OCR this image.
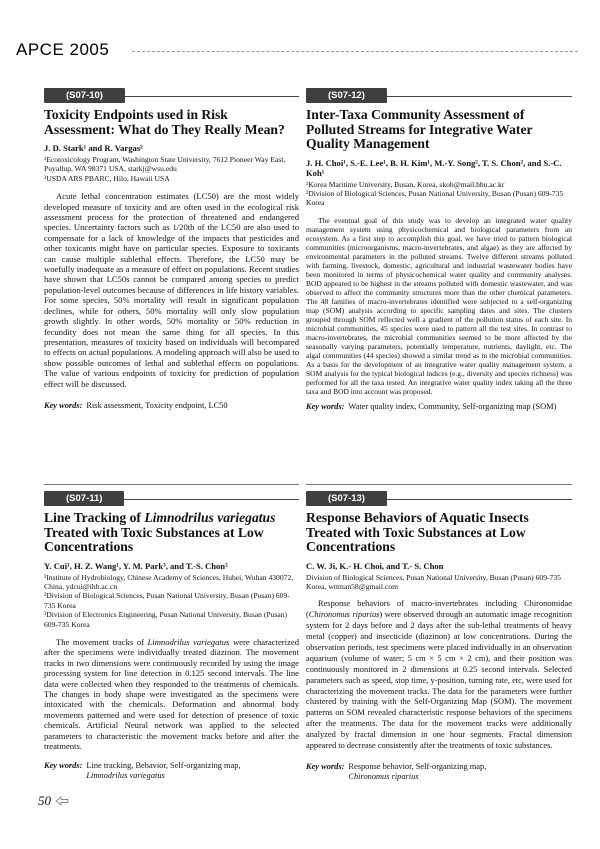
APCE 2005
(S07-10)
Toxicity Endpoints used in Risk Assessment: What do They Really Mean?
J. D. Stark¹ and R. Vargas²
¹Ecotoxicology Program, Washington State University, 7612 Pioneer Way East, Puyallup, WA 98371 USA, starkj@wsu.edu
²USDA ARS PBARC, Hilo, Hawaii USA

Acute lethal concentration estimates (LC50) are the most widely developed measure of toxicity and are often used in the ecological risk assessment process for the protection of threatened and endangered species. Uncertainty factors such as 1/20th of the LC50 are also used to compensate for a lack of knowledge of the impacts that pesticides and other toxicants might have on particular species. Exposure to toxicants can cause multiple sublethal effects. Therefore, the LC50 may be woefully inadequate as a measure of effect on populations. Recent studies have shown that LC50s cannot be compared among species to predict population-level outcomes because of differences in life history variables. For some species, 50% mortality will result in significant population declines, while for others, 50% mortality will only slow population growth slightly. In other words, 50% mortality or 50% reduction in fecundity does not mean the same thing for all species. In this presentation, measures of toxicity based on individuals will becompared to effects on actual populations. A modeling approach will also be used to show possible outcomes of lethal and sublethal effects on populations. The value of various endpoints of toxicity for prediction of population effect will be discussed.

Key words: Risk assessment, Toxicity endpoint, LC50
(S07-12)
Inter-Taxa Community Assessment of Polluted Streams for Integrative Water Quality Management
J. H. Choi¹, S.-E. Lee¹, B. H. Kim¹, M.-Y. Song², T. S. Chon², and S.-C. Koh¹
¹Korea Maritime University, Busan, Korea, skoh@mail.hhu.ac.kr
²Division of Biological Sciences, Pusan National University, Busan (Pusan) 609-735 Korea

The eventual goal of this study was to develop an integrated water quality management system using physicochemical and biological parameters from an ecosystem. As a first step to accomplish this goal, we have tried to pattern biological communities (microorganisms, macro-invertebrates, and algae) as they are affected by environmental parameters in the polluted streams. Twelve different streams polluted with farming, livestock, domestic, agricultural and industrial wastewater bodies have been monitored in terms of physicochemical water quality and community analyses. BOD appeared to be highest in the streams polluted with domestic wastewater, and was observed to affect the community structures more than the other chemical parameters. The 48 families of macro-invertebrates identified were subjected to a self-organizing map (SOM) analysis according to specific sampling dates and sites. The clusters grouped through SOM reflected well a gradient of the pollution status of each site. In microbial communities, 45 species were used to pattern all the test sites. In contrast to macro-invertebrates, the microbial communities seemed to be more affected by the seasonally varying parameters, potentially temperature, nutrients, daylight, etc. The algal communities (44 species) showed a similar trend as in the microbial communities. As a basis for the development of an integrative water quality management system, a SOM analysis for the typical biological indices (e.g., diversity and species richness) was performed for all the taxa tested. An integrative water quality index taking all the three taxa and BOD into account was proposed.

Key words: Water quality index, Community, Self-organizing map (SOM)
(S07-11)
Line Tracking of Limnodrilus variegatus Treated with Toxic Substances at Low Concentrations
Y. Cui¹, H. Z. Wang¹, Y. M. Park³, and T.-S. Chon²
¹Institute of Hydrobiology, Chinese Academy of Sciences, Hubei, Wuhan 430072, China, ydcui@ihb.ac.cn
²Division of Biological Sciences, Pusan National University, Busan (Pusan) 609-735 Korea
³Division of Electronics Engineering, Pusan National University, Busan (Pusan) 609-735 Korea

The movement tracks of Limnodrilus variegatus were characterized after the specimens were individually treated diazinon. The movement tracks in two dimensions were continuously recorded by using the image processing system for line detection in 0.125 second intervals. The line data were collected when they responded to the treatments of chemicals. The changes in body shape were investigated as the specimens were intoxicated with the chemicals. Deformation and abnormal body movements patterned and were used for detection of presence of toxic chemicals. Artificial Neural network was applied to the selected parameters to characteristic the movement tracks before and after the treatments.

Key words: Line tracking, Behavior, Self-organizing map,
Limnodrilus variegatus
(S07-13)
Response Behaviors of Aquatic Insects Treated with Toxic Substances at Low Concentrations
C. W. Ji, K.- H. Choi, and T.- S. Chon
Division of Biological Sciences, Pusan National University, Busan (Pusan) 609-735 Korea, wttman58@gmail.com

Response behaviors of macro-invertebrates including Chironomidae (Chironomus riparius) were observed through an automatic image recognition system for 2 days before and 2 days after the sub-lethal treatments of heavy metal (copper) and insecticide (diazinon) at low concentrations. During the observation periods, test specimens were placed individually in an observation aquarium (volume of water; 5 cm × 5 cm × 2 cm), and their position was continuously monitored in 2 dimensions at 0.25 second intervals. Selected parameters such as speed, stop time, y-position, turning rate, etc, were used for characterizing the movement tracks. The data for the parameters were further clustered by training with the Self-Organizing Map (SOM). The movement patterns on SOM revealed characteristic response behaviors of the specimens after the treatments. The data for the movement tracks were additionally analyzed by fractal dimension in one hour segments. Fractal dimension appeared to decrease consistently after the treatments of toxic substances.

Key words: Response behavior, Self-organizing map,
Chironomus riparius
50
